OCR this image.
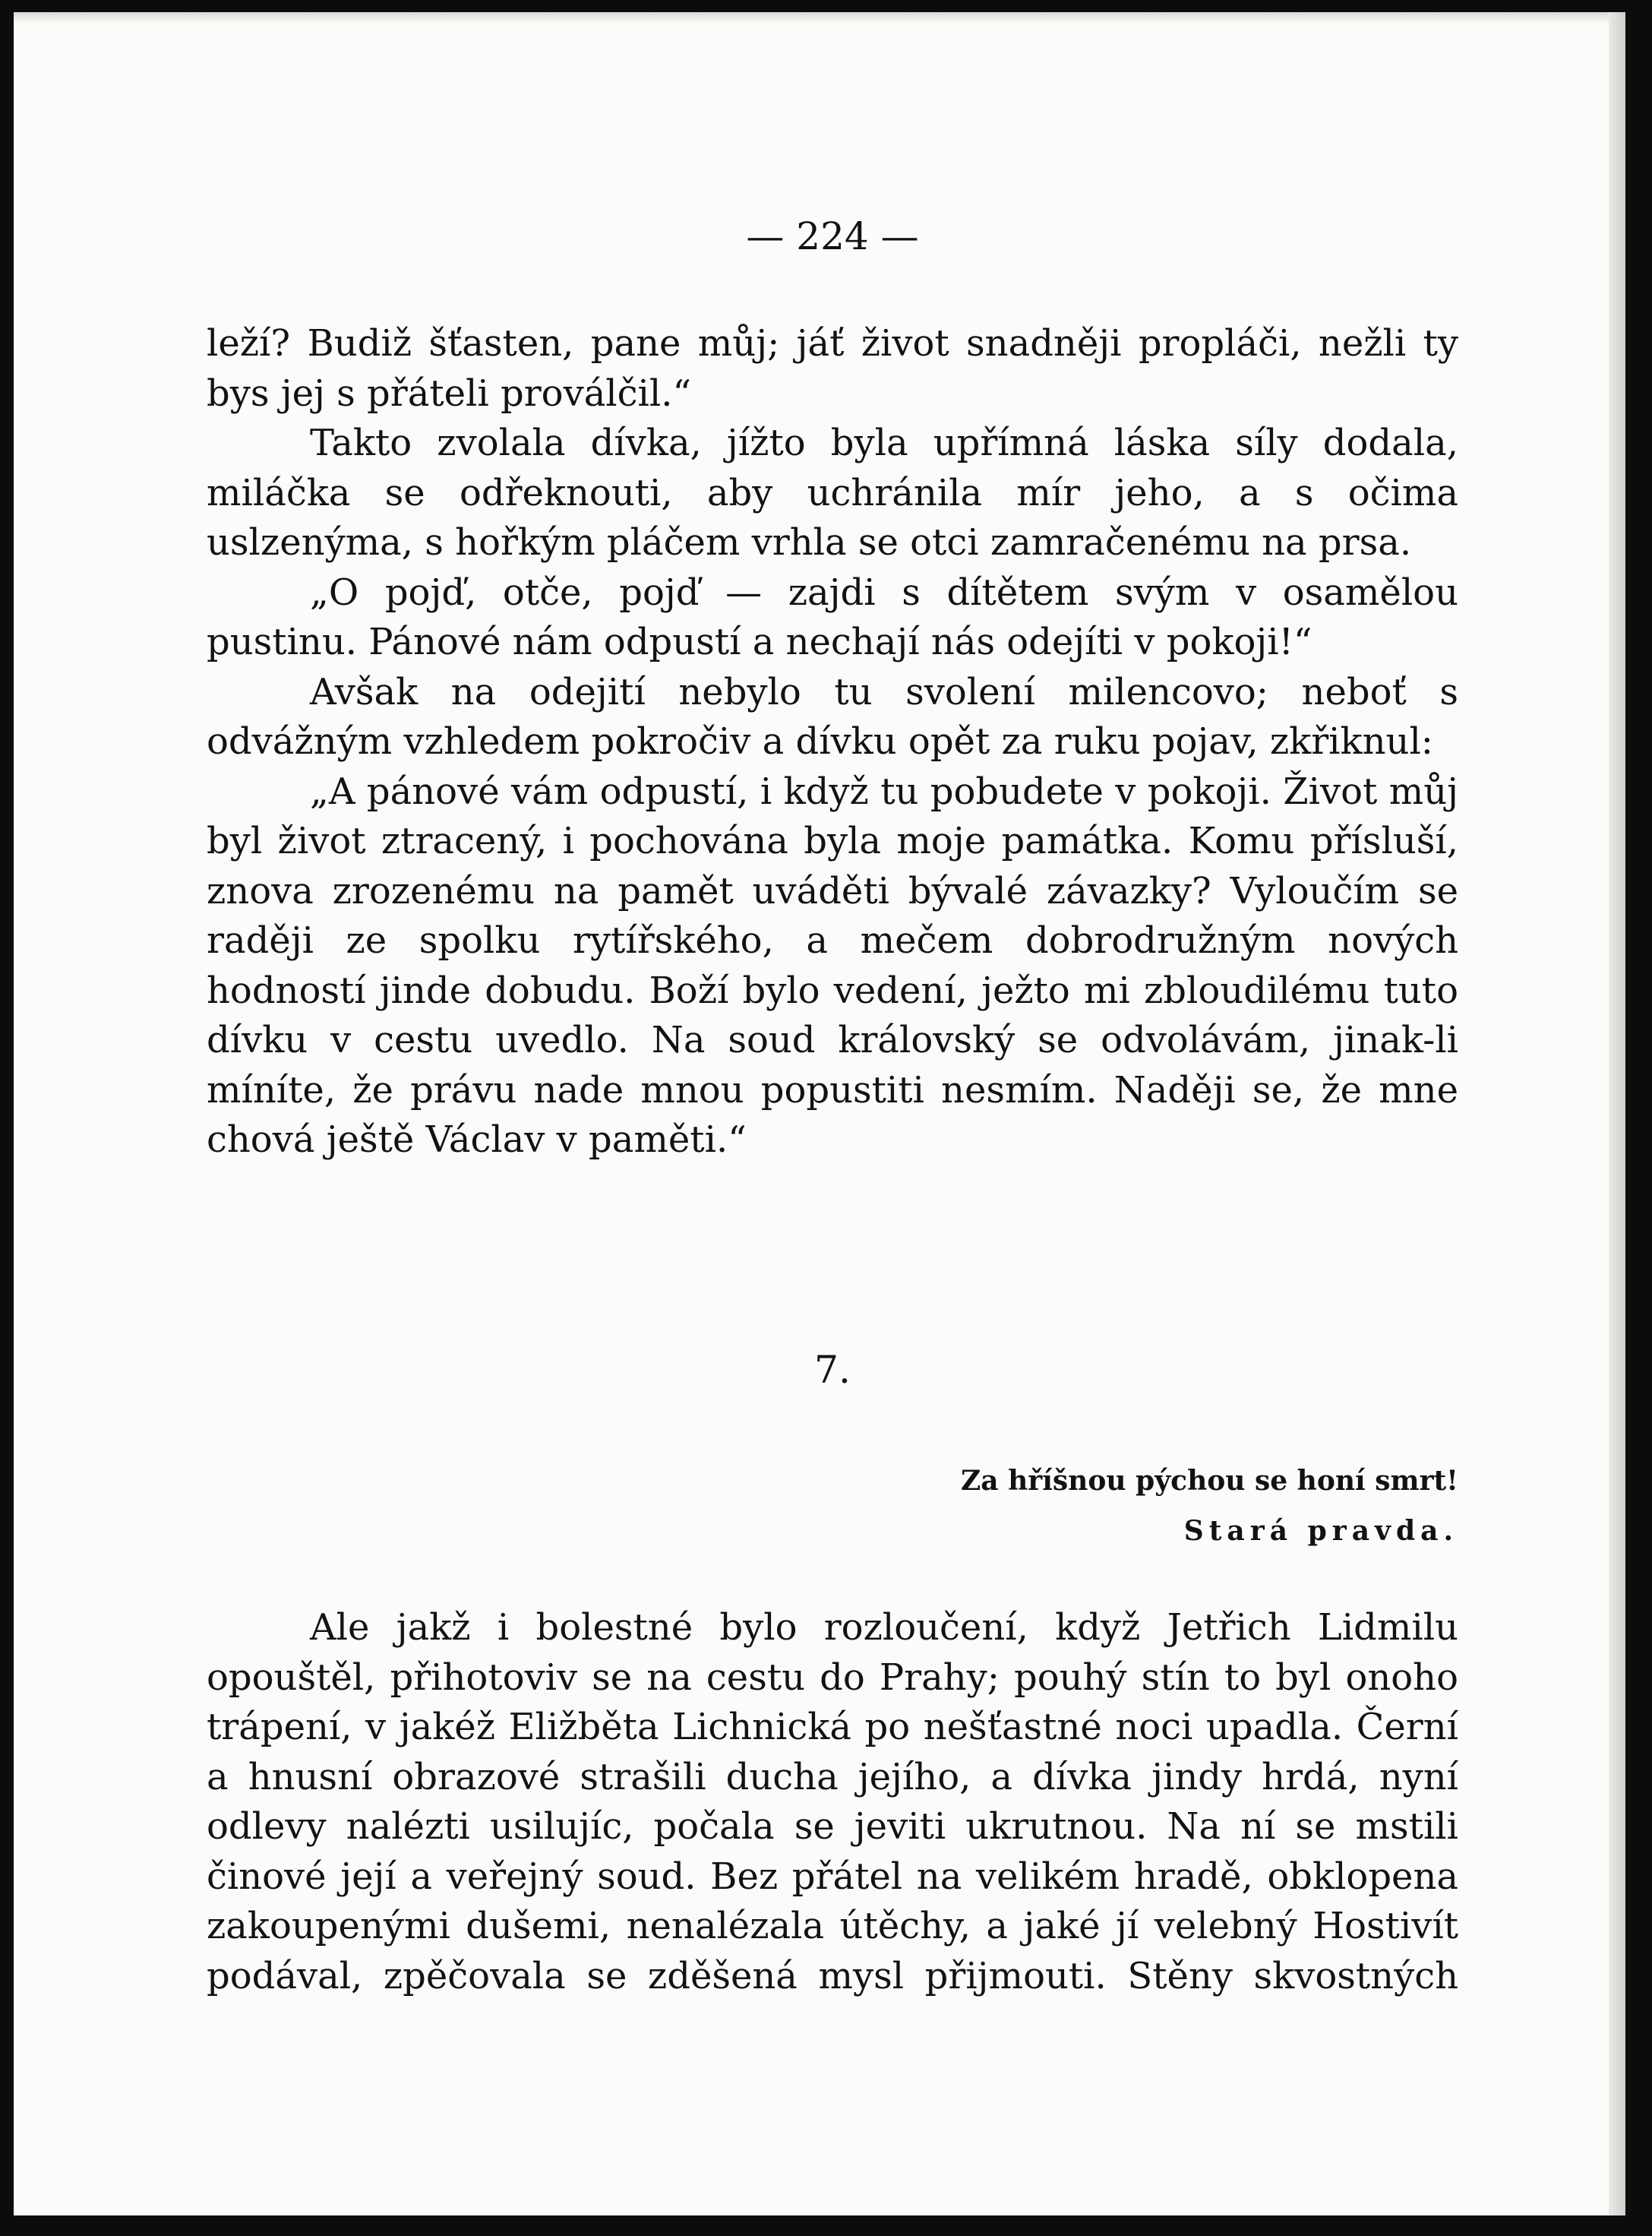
— 224 —

leží? Budiž šťasten, pane můj; jáť život snadněji propláči, nežli ty bys jej s přáteli proválčil.“

Takto zvolala dívka, jížto byla upřímná láska síly dodala, miláčka se odřeknouti, aby uchránila mír jeho, a s očima uslzenýma, s hořkým pláčem vrhla se otci zamračenému na prsa.

„O pojď, otče, pojď — zajdi s dítětem svým v osamělou pustinu. Pánové nám odpustí a nechají nás odejíti v pokoji!“

Avšak na odejití nebylo tu svolení milencovo; neboť s odvážným vzhledem pokročiv a dívku opět za ruku pojav, zkřiknul:

„A pánové vám odpustí, i když tu pobudete v pokoji. Život můj byl život ztracený, i pochována byla moje památka. Komu přísluší, znova zrozenému na pamět uváděti bývalé závazky? Vyloučím se raději ze spolku rytířského, a mečem dobrodružným nových hodností jinde dobudu. Boží bylo vedení, ježto mi zbloudilému tuto dívku v cestu uvedlo. Na soud královský se odvolávám, jinak-li míníte, že právu nade mnou popustiti nesmím. Naději se, že mne chová ještě Václav v paměti.“

7.
Za hříšnou pýchou se honí smrt!
Stará pravda.

Ale jakž i bolestné bylo rozloučení, když Jetřich Lidmilu opouštěl, přihotoviv se na cestu do Prahy; pouhý stín to byl onoho trápení, v jakéž Eližběta Lichnická po nešťastné noci upadla. Černí a hnusní obrazové strašili ducha jejího, a dívka jindy hrdá, nyní odlevy nalézti usilujíc, počala se jeviti ukrutnou. Na ní se mstili činové její a veřejný soud. Bez přátel na velikém hradě, obklopena zakoupenými dušemi, nenalézala útěchy, a jaké jí velebný Hostivít podával, zpěčovala se zděšená mysl přijmouti. Stěny skvostných
